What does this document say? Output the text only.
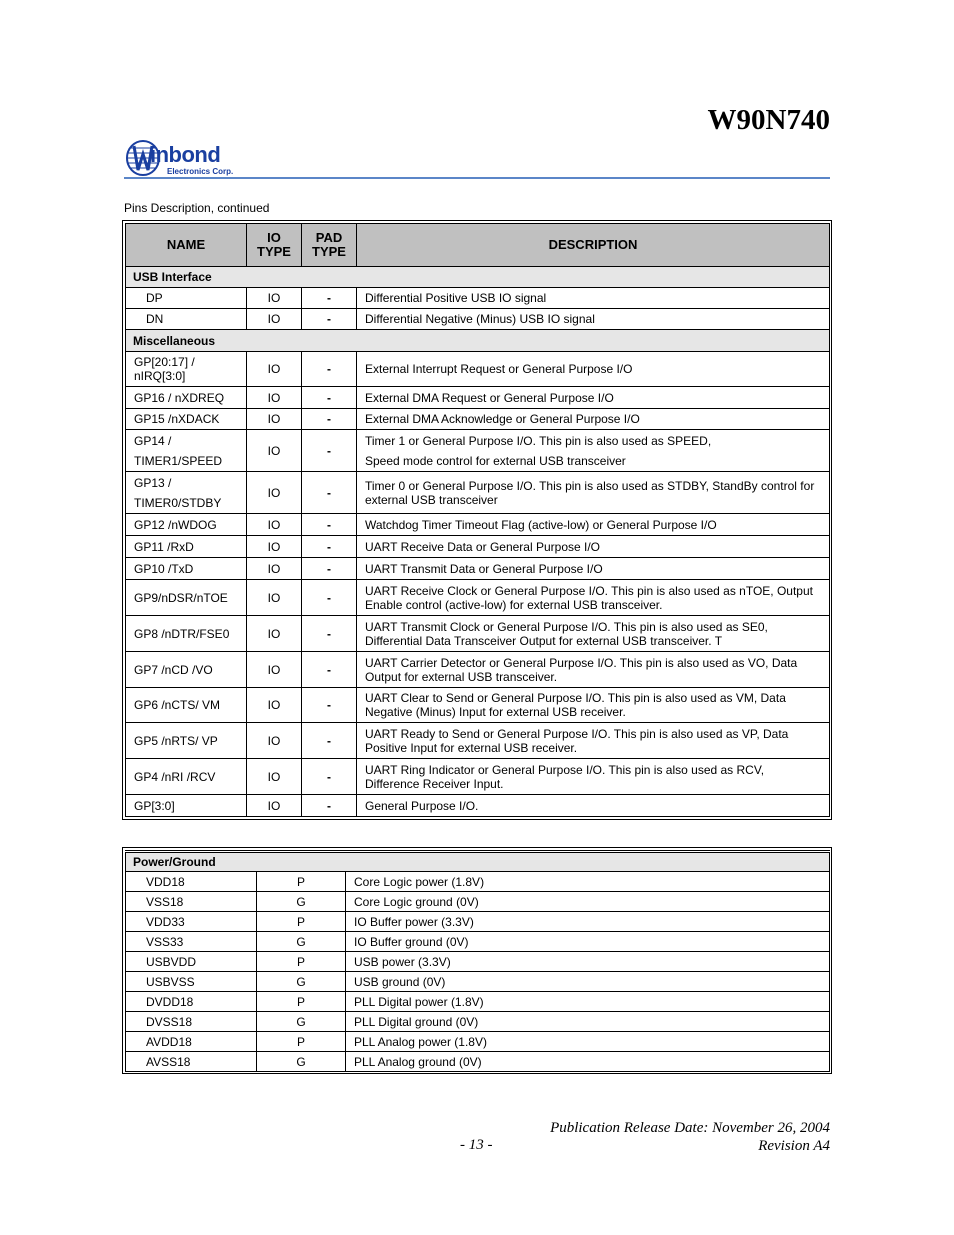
W90N740
inbond
Electronics Corp.
Pins Description, continued
NAME	IO TYPE	PAD TYPE	DESCRIPTION
USB Interface			
DP	IO	-	Differential Positive USB IO signal
DN	IO	-	Differential Negative (Minus) USB IO signal
Miscellaneous			
GP[20:17] / nIRQ[3:0]	IO	-	External Interrupt Request or General Purpose I/O
GP16 / nXDREQ	IO	-	External DMA Request or General Purpose I/O
GP15 /nXDACK	IO	-	External DMA Acknowledge or General Purpose I/O
GP14 / TIMER1/SPEED	IO	-	Timer 1 or General Purpose I/O. This pin is also used as SPEED, Speed mode control for external USB transceiver
GP13 / TIMER0/STDBY	IO	-	Timer 0 or General Purpose I/O. This pin is also used as STDBY, StandBy control for external USB transceiver
GP12 /nWDOG	IO	-	Watchdog Timer Timeout Flag (active-low) or General Purpose I/O
GP11 /RxD	IO	-	UART Receive Data or General Purpose I/O
GP10 /TxD	IO	-	UART Transmit Data or General Purpose I/O
GP9/nDSR/nTOE	IO	-	UART Receive Clock or General Purpose I/O. This pin is also used as nTOE, Output Enable control (active-low) for external USB transceiver.
GP8 /nDTR/FSE0	IO	-	UART Transmit Clock or General Purpose I/O. This pin is also used as SE0, Differential Data Transceiver Output for external USB transceiver. T
GP7 /nCD /VO	IO	-	UART Carrier Detector or General Purpose I/O. This pin is also used as VO, Data Output for external USB transceiver.
GP6 /nCTS/ VM	IO	-	UART Clear to Send or General Purpose I/O. This pin is also used as VM, Data Negative (Minus) Input for external USB receiver.
GP5 /nRTS/ VP	IO	-	UART Ready to Send or General Purpose I/O. This pin is also used as VP, Data Positive Input for external USB receiver.
GP4 /nRI /RCV	IO	-	UART Ring Indicator or General Purpose I/O. This pin is also used as RCV, Difference Receiver Input.
GP[3:0]	IO	-	General Purpose I/O.
Power/Ground		
VDD18	P	Core Logic power (1.8V)
VSS18	G	Core Logic ground (0V)
VDD33	P	IO Buffer power (3.3V)
VSS33	G	IO Buffer ground (0V)
USBVDD	P	USB power (3.3V)
USBVSS	G	USB ground (0V)
DVDD18	P	PLL Digital power (1.8V)
DVSS18	G	PLL Digital ground (0V)
AVDD18	P	PLL Analog power (1.8V)
AVSS18	G	PLL Analog ground (0V)
Publication Release Date: November 26, 2004
Revision A4
- 13 -
